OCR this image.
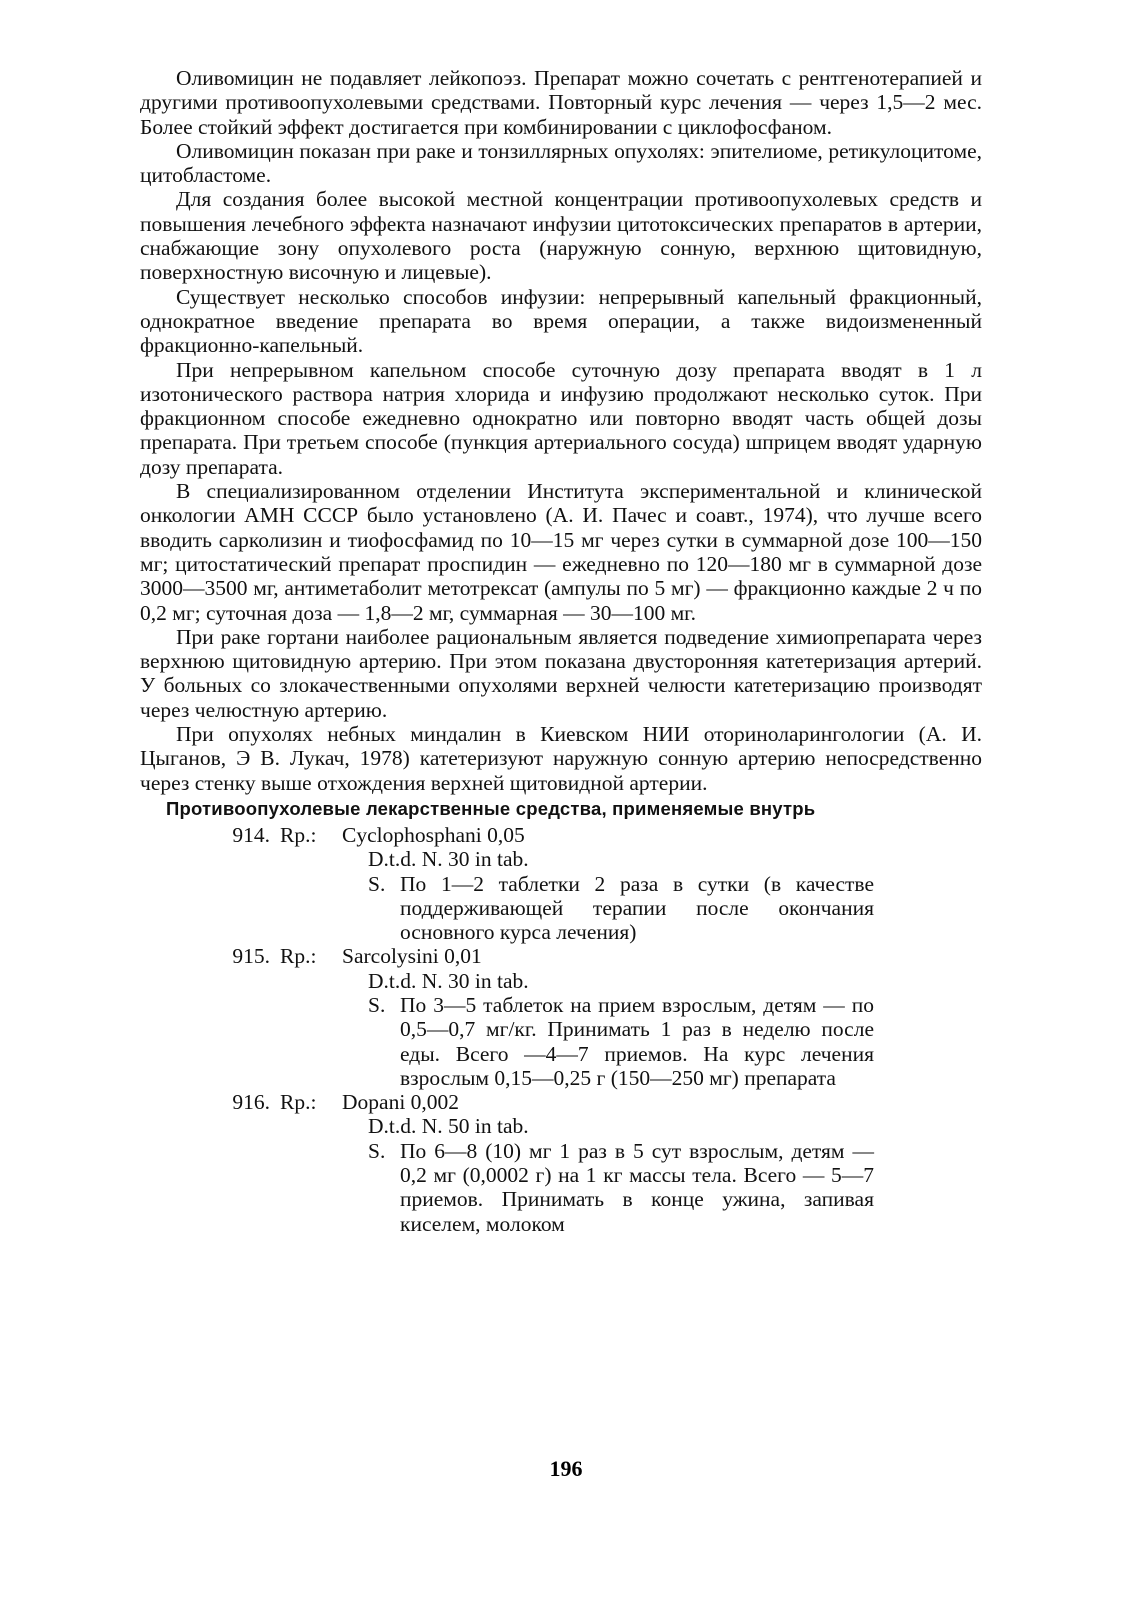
Оливомицин не подавляет лейкопоэз. Препарат можно сочетать с рентгенотерапией и другими противоопухолевыми средствами. Повторный курс лечения — через 1,5—2 мес. Более стойкий эффект достигается при комбинировании с циклофосфаном.

Оливомицин показан при раке и тонзиллярных опухолях: эпителиоме, ретикулоцитоме, цитобластоме.

Для создания более высокой местной концентрации противоопухолевых средств и повышения лечебного эффекта назначают инфузии цитотоксических препаратов в артерии, снабжающие зону опухолевого роста (наружную сонную, верхнюю щитовидную, поверхностную височную и лицевые).

Существует несколько способов инфузии: непрерывный капельный фракционный, однократное введение препарата во время операции, а также видоизмененный фракционно-капельный.

При непрерывном капельном способе суточную дозу препарата вводят в 1 л изотонического раствора натрия хлорида и инфузию продолжают несколько суток. При фракционном способе ежедневно однократно или повторно вводят часть общей дозы препарата. При третьем способе (пункция артериального сосуда) шприцем вводят ударную дозу препарата.

В специализированном отделении Института экспериментальной и клинической онкологии АМН СССР было установлено (А. И. Пачес и соавт., 1974), что лучше всего вводить сарколизин и тиофосфамид по 10—15 мг через сутки в суммарной дозе 100—150 мг; цитостатический препарат проспидин — ежедневно по 120—180 мг в суммарной дозе 3000—3500 мг, антиметаболит метотрексат (ампулы по 5 мг) — фракционно каждые 2 ч по 0,2 мг; суточная доза — 1,8—2 мг, суммарная — 30—100 мг.

При раке гортани наиболее рациональным является подведение химиопрепарата через верхнюю щитовидную артерию. При этом показана двусторонняя катетеризация артерий. У больных со злокачественными опухолями верхней челюсти катетеризацию производят через челюстную артерию.

При опухолях небных миндалин в Киевском НИИ оториноларингологии (А. И. Цыганов, Э В. Лукач, 1978) катетеризуют наружную сонную артерию непосредственно через стенку выше отхождения верхней щитовидной артерии.

Противоопухолевые лекарственные средства, применяемые внутрь
914. Rp.:	Cyclophosphani 0,05
D.t.d. N. 30 in tab.
S. По 1—2 таблетки 2 раза в сутки (в качестве поддерживающей терапии после окончания основного курса лечения)
915. Rp.:	Sarcolysini 0,01
D.t.d. N. 30 in tab.
S. По 3—5 таблеток на прием взрослым, детям — по 0,5—0,7 мг/кг. Принимать 1 раз в неделю после еды. Всего —4—7 приемов. На курс лечения взрослым 0,15—0,25 г (150—250 мг) препарата
916. Rp.:	Dopani 0,002
D.t.d. N. 50 in tab.
S. По 6—8 (10) мг 1 раз в 5 сут взрослым, детям — 0,2 мг (0,0002 г) на 1 кг массы тела. Всего — 5—7 приемов. Принимать в конце ужина, запивая киселем, молоком
196
